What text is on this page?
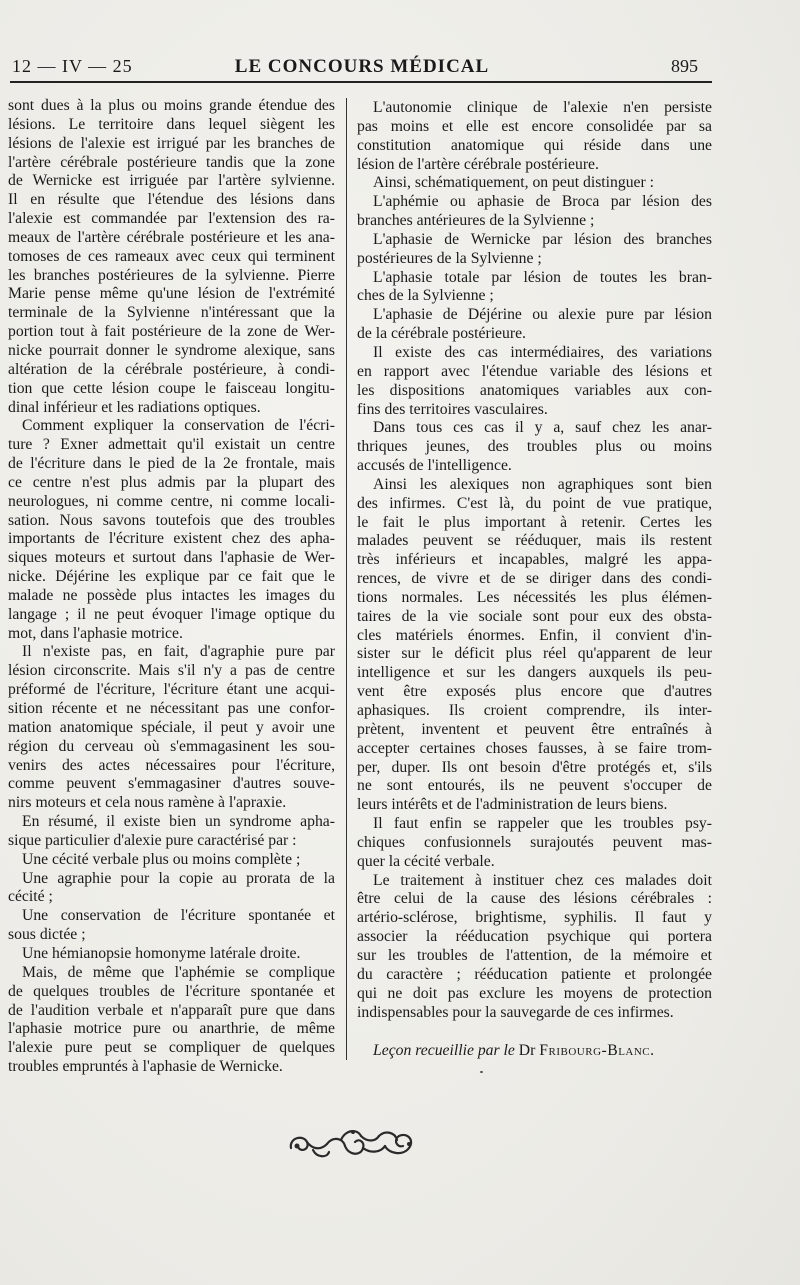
12 — IV — 25	LE CONCOURS MÉDICAL	895
sont dues à la plus ou moins grande étendue des
lésions. Le territoire dans lequel siègent les
lésions de l'alexie est irrigué par les branches de
l'artère cérébrale postérieure tandis que la zone
de Wernicke est irriguée par l'artère sylvienne.
Il en résulte que l'étendue des lésions dans
l'alexie est commandée par l'extension des ra-
meaux de l'artère cérébrale postérieure et les ana-
tomoses de ces rameaux avec ceux qui terminent
les branches postérieures de la sylvienne. Pierre
Marie pense même qu'une lésion de l'extrémité
terminale de la Sylvienne n'intéressant que la
portion tout à fait postérieure de la zone de Wer-
nicke pourrait donner le syndrome alexique, sans
altération de la cérébrale postérieure, à condi-
tion que cette lésion coupe le faisceau longitu-
dinal inférieur et les radiations optiques.
Comment expliquer la conservation de l'écri-
ture ? Exner admettait qu'il existait un centre
de l'écriture dans le pied de la 2e frontale, mais
ce centre n'est plus admis par la plupart des
neurologues, ni comme centre, ni comme locali-
sation. Nous savons toutefois que des troubles
importants de l'écriture existent chez des apha-
siques moteurs et surtout dans l'aphasie de Wer-
nicke. Déjérine les explique par ce fait que le
malade ne possède plus intactes les images du
langage ; il ne peut évoquer l'image optique du
mot, dans l'aphasie motrice.
Il n'existe pas, en fait, d'agraphie pure par
lésion circonscrite. Mais s'il n'y a pas de centre
préformé de l'écriture, l'écriture étant une acqui-
sition récente et ne nécessitant pas une confor-
mation anatomique spéciale, il peut y avoir une
région du cerveau où s'emmagasinent les sou-
venirs des actes nécessaires pour l'écriture,
comme peuvent s'emmagasiner d'autres souve-
nirs moteurs et cela nous ramène à l'apraxie.
En résumé, il existe bien un syndrome apha-
sique particulier d'alexie pure caractérisé par :
Une cécité verbale plus ou moins complète ;
Une agraphie pour la copie au prorata de la
cécité ;
Une conservation de l'écriture spontanée et
sous dictée ;
Une hémianopsie homonyme latérale droite.
Mais, de même que l'aphémie se complique
de quelques troubles de l'écriture spontanée et
de l'audition verbale et n'apparaît pure que dans
l'aphasie motrice pure ou anarthrie, de même
l'alexie pure peut se compliquer de quelques
troubles empruntés à l'aphasie de Wernicke.
L'autonomie clinique de l'alexie n'en persiste
pas moins et elle est encore consolidée par sa
constitution anatomique qui réside dans une
lésion de l'artère cérébrale postérieure.
Ainsi, schématiquement, on peut distinguer :
L'aphémie ou aphasie de Broca par lésion des
branches antérieures de la Sylvienne ;
L'aphasie de Wernicke par lésion des branches
postérieures de la Sylvienne ;
L'aphasie totale par lésion de toutes les bran-
ches de la Sylvienne ;
L'aphasie de Déjérine ou alexie pure par lésion
de la cérébrale postérieure.
Il existe des cas intermédiaires, des variations
en rapport avec l'étendue variable des lésions et
les dispositions anatomiques variables aux con-
fins des territoires vasculaires.
Dans tous ces cas il y a, sauf chez les anar-
thriques jeunes, des troubles plus ou moins
accusés de l'intelligence.
Ainsi les alexiques non agraphiques sont bien
des infirmes. C'est là, du point de vue pratique,
le fait le plus important à retenir. Certes les
malades peuvent se rééduquer, mais ils restent
très inférieurs et incapables, malgré les appa-
rences, de vivre et de se diriger dans des condi-
tions normales. Les nécessités les plus élémen-
taires de la vie sociale sont pour eux des obsta-
cles matériels énormes. Enfin, il convient d'in-
sister sur le déficit plus réel qu'apparent de leur
intelligence et sur les dangers auxquels ils peu-
vent être exposés plus encore que d'autres
aphasiques. Ils croient comprendre, ils inter-
prètent, inventent et peuvent être entraînés à
accepter certaines choses fausses, à se faire trom-
per, duper. Ils ont besoin d'être protégés et, s'ils
ne sont entourés, ils ne peuvent s'occuper de
leurs intérêts et de l'administration de leurs biens.
Il faut enfin se rappeler que les troubles psy-
chiques confusionnels surajoutés peuvent mas-
quer la cécité verbale.
Le traitement à instituer chez ces malades doit
être celui de la cause des lésions cérébrales :
artério-sclérose, brightisme, syphilis. Il faut y
associer la rééducation psychique qui portera
sur les troubles de l'attention, de la mémoire et
du caractère ; rééducation patiente et prolongée
qui ne doit pas exclure les moyens de protection
indispensables pour la sauvegarde de ces infirmes.
Leçon recueillie par le Dr Fribourg-Blanc.
